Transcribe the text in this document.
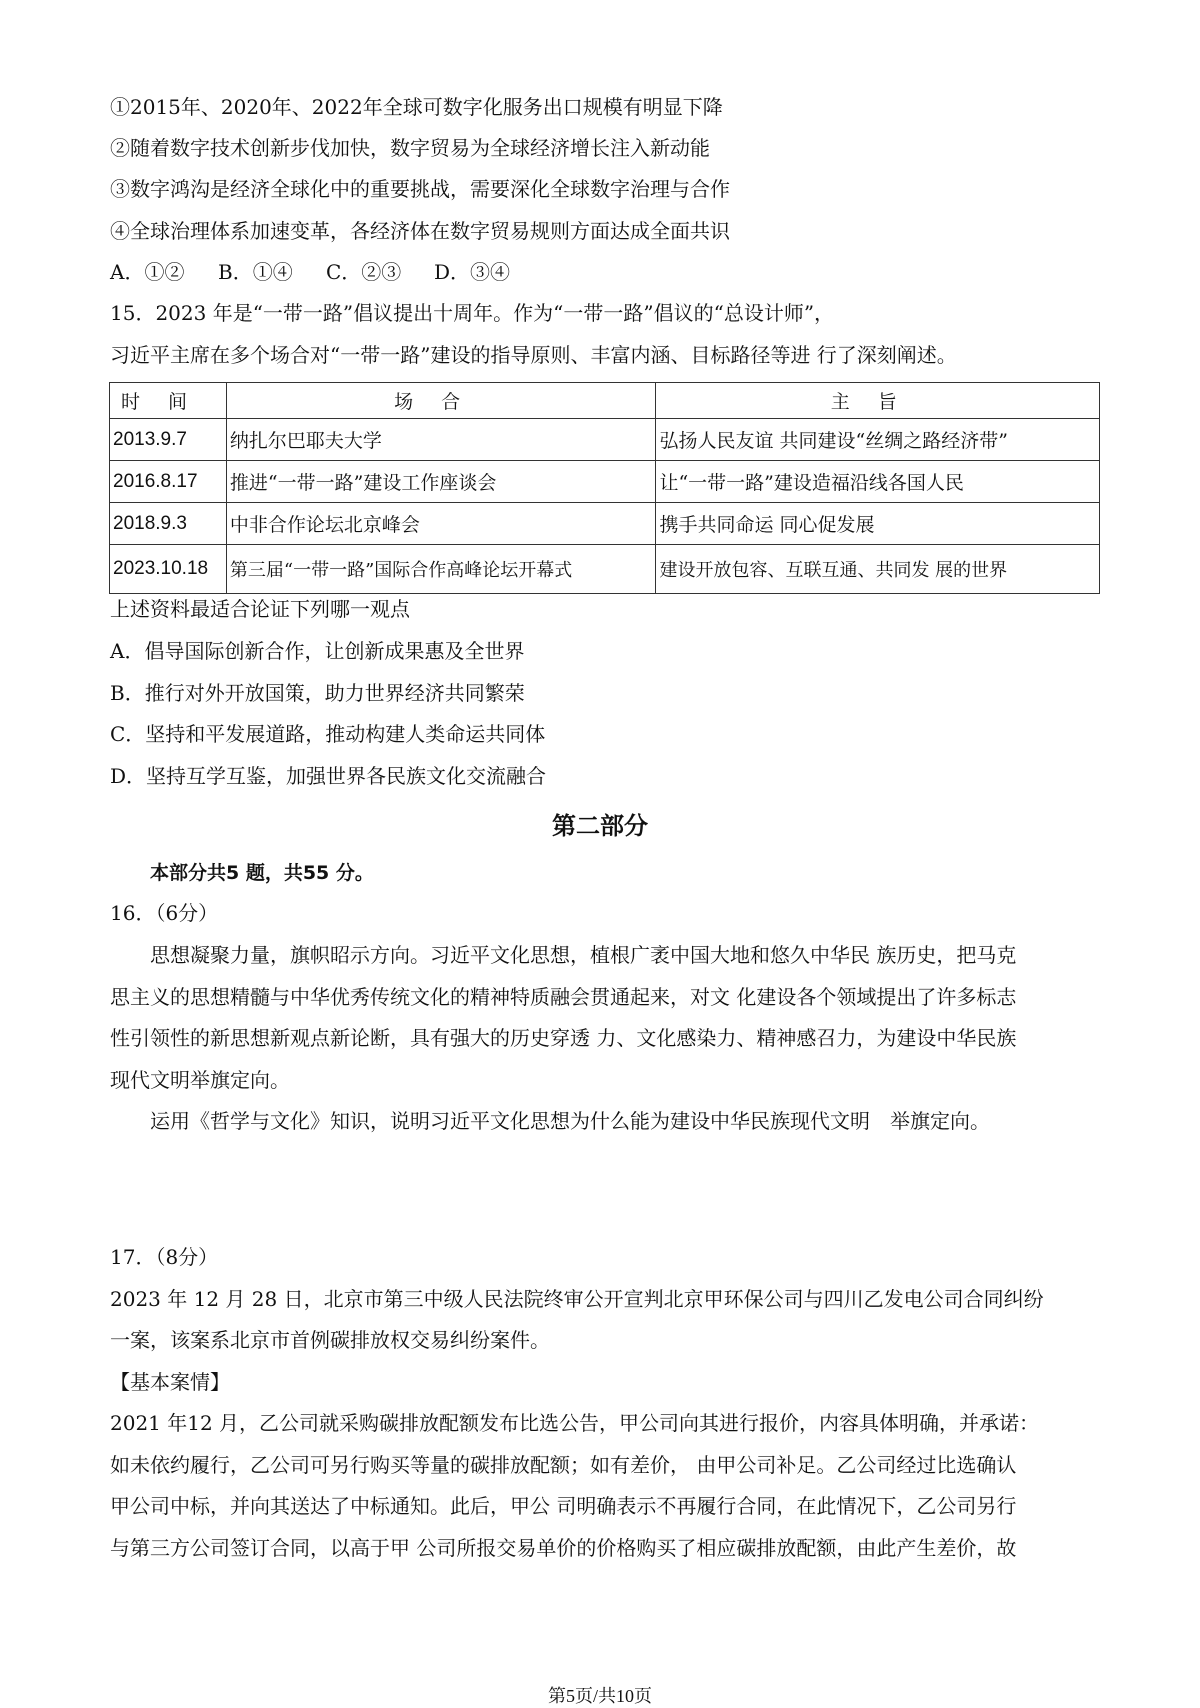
①2015年、2020年、2022年全球可数字化服务出口规模有明显下降
②随着数字技术创新步伐加快，数字贸易为全球经济增长注入新动能
③数字鸿沟是经济全球化中的重要挑战，需要深化全球数字治理与合作
④全球治理体系加速变革，各经济体在数字贸易规则方面达成全面共识
A．①② B．①④ C．②③ D．③④
15．2023 年是“一带一路”倡议提出十周年。作为“一带一路”倡议的“总设计师”，
习近平主席在多个场合对“一带一路”建设的指导原则、丰富内涵、目标路径等进 行了深刻阐述。
时间	场合	主旨
2013.9.7	纳扎尔巴耶夫大学	弘扬人民友谊 共同建设“丝绸之路经济带”
2016.8.17	推进“一带一路”建设工作座谈会	让“一带一路”建设造福沿线各国人民
2018.9.3	中非合作论坛北京峰会	携手共同命运 同心促发展
2023.10.18	第三届“一带一路”国际合作高峰论坛开幕式	建设开放包容、互联互通、共同发 展的世界
上述资料最适合论证下列哪一观点
A．倡导国际创新合作，让创新成果惠及全世界
B．推行对外开放国策，助力世界经济共同繁荣
C．坚持和平发展道路，推动构建人类命运共同体
D．坚持互学互鉴，加强世界各民族文化交流融合
第二部分
本部分共5 题，共55 分。
16．（6分）
思想凝聚力量，旗帜昭示方向。习近平文化思想，植根广袤中国大地和悠久中华民 族历史，把马克
思主义的思想精髓与中华优秀传统文化的精神特质融会贯通起来，对文 化建设各个领域提出了许多标志
性引领性的新思想新观点新论断，具有强大的历史穿透 力、文化感染力、精神感召力，为建设中华民族
现代文明举旗定向。
运用《哲学与文化》知识，说明习近平文化思想为什么能为建设中华民族现代文明　举旗定向。
17．（8分）
2023 年 12 月 28 日，北京市第三中级人民法院终审公开宣判北京甲环保公司与四川乙发电公司合同纠纷
一案，该案系北京市首例碳排放权交易纠纷案件。
【基本案情】
2021 年12 月，乙公司就采购碳排放配额发布比选公告，甲公司向其进行报价，内容具体明确，并承诺：
如未依约履行，乙公司可另行购买等量的碳排放配额；如有差价， 由甲公司补足。乙公司经过比选确认
甲公司中标，并向其送达了中标通知。此后，甲公 司明确表示不再履行合同，在此情况下，乙公司另行
与第三方公司签订合同，以高于甲 公司所报交易单价的价格购买了相应碳排放配额，由此产生差价，故
第5页/共10页
